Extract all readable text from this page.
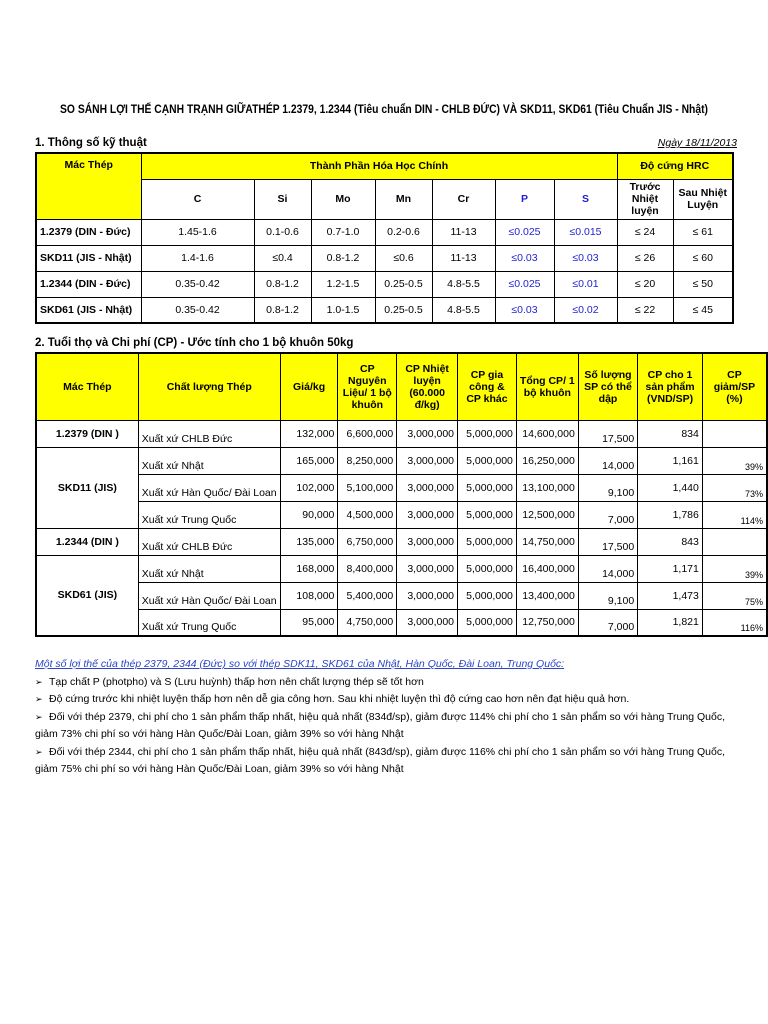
SO SÁNH LỢI THẾ CẠNH TRẠNH GIỮATHÉP 1.2379, 1.2344 (Tiêu chuẩn DIN - CHLB ĐỨC) VÀ SKD11, SKD61 (Tiêu Chuẩn JIS - Nhật)
1. Thông số kỹ thuật	Ngày 18/11/2013
Mác Thép	Thành Phần Hóa Học Chính							Độ cứng HRC	
	C	Si	Mo	Mn	Cr	P	S	Trước Nhiệt luyện	Sau Nhiệt Luyện
1.2379 (DIN - Đức)	1.45-1.6	0.1-0.6	0.7-1.0	0.2-0.6	11-13	≤0.025	≤0.015	≤ 24	≤ 61
SKD11 (JIS - Nhật)	1.4-1.6	≤0.4	0.8-1.2	≤0.6	11-13	≤0.03	≤0.03	≤ 26	≤ 60
1.2344 (DIN - Đức)	0.35-0.42	0.8-1.2	1.2-1.5	0.25-0.5	4.8-5.5	≤0.025	≤0.01	≤ 20	≤ 50
SKD61 (JIS - Nhật)	0.35-0.42	0.8-1.2	1.0-1.5	0.25-0.5	4.8-5.5	≤0.03	≤0.02	≤ 22	≤ 45
2. Tuổi thọ và Chi phí (CP) - Ước tính cho 1 bộ khuôn 50kg
Mác Thép	Chất lượng Thép	Giá/kg	CP Nguyên Liệu/ 1 bộ khuôn	CP Nhiệt luyện (60.000 đ/kg)	CP gia công & CP khác	Tổng CP/ 1 bộ khuôn	Số lượng SP có thể dập	CP cho 1 sản phẩm (VND/SP)	CP giảm/SP (%)
1.2379 (DIN )	Xuất xứ CHLB Đức	132,000	6,600,000	3,000,000	5,000,000	14,600,000	17,500	834	
SKD11 (JIS)	Xuất xứ Nhật	165,000	8,250,000	3,000,000	5,000,000	16,250,000	14,000	1,161	39%
	Xuất xứ Hàn Quốc/ Đài Loan	102,000	5,100,000	3,000,000	5,000,000	13,100,000	9,100	1,440	73%
	Xuất xứ Trung Quốc	90,000	4,500,000	3,000,000	5,000,000	12,500,000	7,000	1,786	114%
1.2344 (DIN )	Xuất xứ CHLB Đức	135,000	6,750,000	3,000,000	5,000,000	14,750,000	17,500	843	
SKD61 (JIS)	Xuất xứ Nhật	168,000	8,400,000	3,000,000	5,000,000	16,400,000	14,000	1,171	39%
	Xuất xứ Hàn Quốc/ Đài Loan	108,000	5,400,000	3,000,000	5,000,000	13,400,000	9,100	1,473	75%
	Xuất xứ Trung Quốc	95,000	4,750,000	3,000,000	5,000,000	12,750,000	7,000	1,821	116%
Một số lợi thế của thép 2379, 2344 (Đức) so với thép SDK11, SKD61 của Nhật, Hàn Quốc, Đài Loan, Trung Quốc:
➢ Tạp chất P (photpho) và S (Lưu huỳnh) thấp hơn nên chất lượng thép sẽ tốt hơn
➢ Độ cứng trước khi nhiệt luyện thấp hơn nên dễ gia công hơn. Sau khi nhiệt luyện thì độ cứng cao hơn nên đạt hiệu quả hơn.
➢ Đối với thép 2379, chi phí cho 1 sản phẩm thấp nhất, hiệu quả nhất (834đ/sp), giảm được 114% chi phí cho 1 sản phẩm so với hàng Trung Quốc, giảm 73% chi phí so với hàng Hàn Quốc/Đài Loan, giảm 39% so với hàng Nhật
➢ Đối với thép 2344, chi phí cho 1 sản phẩm thấp nhất, hiệu quả nhất (843đ/sp), giảm được 116% chi phí cho 1 sản phẩm so với hàng Trung Quốc, giảm 75% chi phí so với hàng Hàn Quốc/Đài Loan, giảm 39% so với hàng Nhật
